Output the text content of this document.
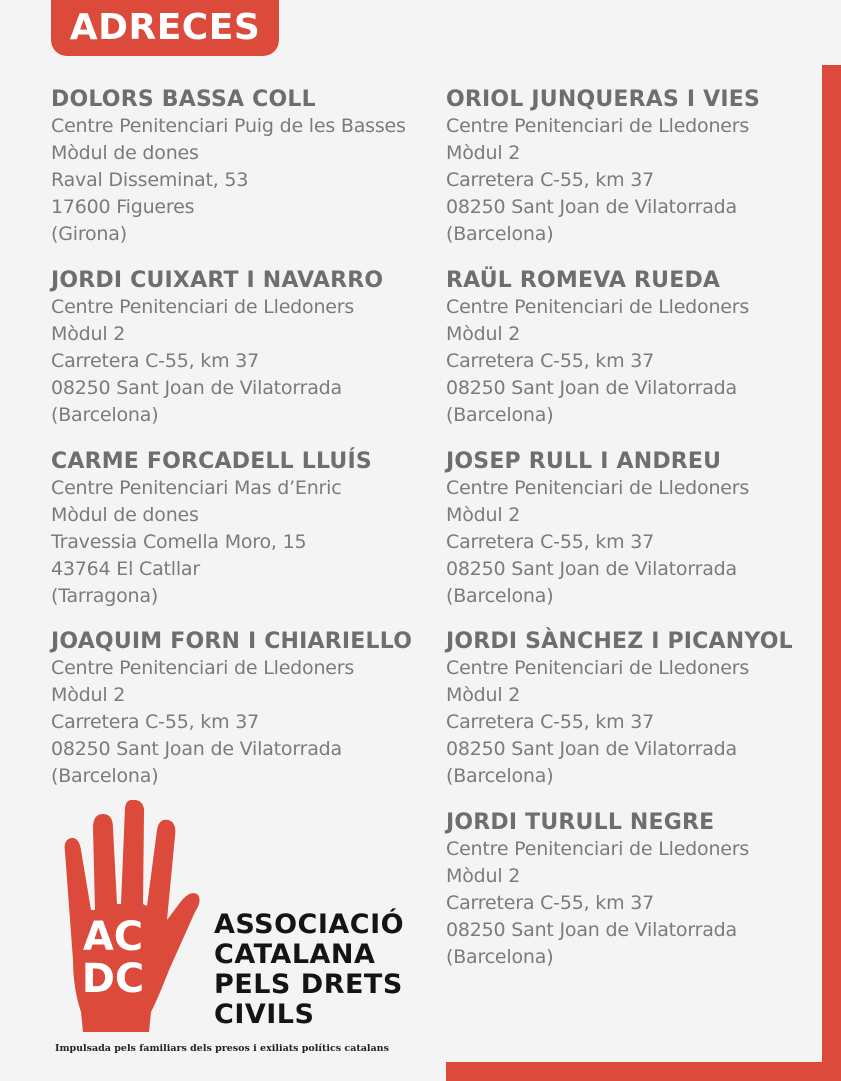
ADRECES
DOLORS BASSA COLL
Centre Penitenciari Puig de les Basses
Mòdul de dones
Raval Disseminat, 53
17600 Figueres
(Girona)
JORDI CUIXART I NAVARRO
Centre Penitenciari de Lledoners
Mòdul 2
Carretera C-55, km 37
08250 Sant Joan de Vilatorrada
(Barcelona)
CARME FORCADELL LLUÍS
Centre Penitenciari Mas d’Enric
Mòdul de dones
Travessia Comella Moro, 15
43764 El Catllar
(Tarragona)
JOAQUIM FORN I CHIARIELLO
Centre Penitenciari de Lledoners
Mòdul 2
Carretera C-55, km 37
08250 Sant Joan de Vilatorrada
(Barcelona)
ORIOL JUNQUERAS I VIES
Centre Penitenciari de Lledoners
Mòdul 2
Carretera C-55, km 37
08250 Sant Joan de Vilatorrada
(Barcelona)
RAÜL ROMEVA RUEDA
Centre Penitenciari de Lledoners
Mòdul 2
Carretera C-55, km 37
08250 Sant Joan de Vilatorrada
(Barcelona)
JOSEP RULL I ANDREU
Centre Penitenciari de Lledoners
Mòdul 2
Carretera C-55, km 37
08250 Sant Joan de Vilatorrada
(Barcelona)
JORDI SÀNCHEZ I PICANYOL
Centre Penitenciari de Lledoners
Mòdul 2
Carretera C-55, km 37
08250 Sant Joan de Vilatorrada
(Barcelona)
JORDI TURULL NEGRE
Centre Penitenciari de Lledoners
Mòdul 2
Carretera C-55, km 37
08250 Sant Joan de Vilatorrada
(Barcelona)
AC
DC
ASSOCIACIÓ
CATALANA
PELS DRETS
CIVILS
Impulsada pels familiars dels presos i exiliats polítics catalans
